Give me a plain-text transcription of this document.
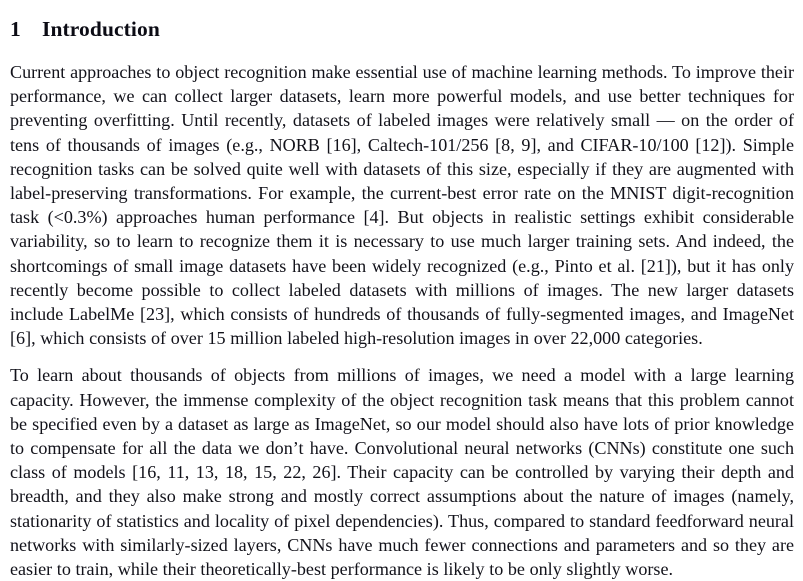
1 Introduction

Current approaches to object recognition make essential use of machine learning methods. To improve their performance, we can collect larger datasets, learn more powerful models, and use better techniques for preventing overfitting. Until recently, datasets of labeled images were relatively small — on the order of tens of thousands of images (e.g., NORB [16], Caltech-101/256 [8, 9], and CIFAR-10/100 [12]). Simple recognition tasks can be solved quite well with datasets of this size, especially if they are augmented with label-preserving transformations. For example, the current-best error rate on the MNIST digit-recognition task (<0.3%) approaches human performance [4]. But objects in realistic settings exhibit considerable variability, so to learn to recognize them it is necessary to use much larger training sets. And indeed, the shortcomings of small image datasets have been widely recognized (e.g., Pinto et al. [21]), but it has only recently become possible to collect labeled datasets with millions of images. The new larger datasets include LabelMe [23], which consists of hundreds of thousands of fully-segmented images, and ImageNet [6], which consists of over 15 million labeled high-resolution images in over 22,000 categories.

To learn about thousands of objects from millions of images, we need a model with a large learning capacity. However, the immense complexity of the object recognition task means that this problem cannot be specified even by a dataset as large as ImageNet, so our model should also have lots of prior knowledge to compensate for all the data we don’t have. Convolutional neural networks (CNNs) constitute one such class of models [16, 11, 13, 18, 15, 22, 26]. Their capacity can be controlled by varying their depth and breadth, and they also make strong and mostly correct assumptions about the nature of images (namely, stationarity of statistics and locality of pixel dependencies). Thus, compared to standard feedforward neural networks with similarly-sized layers, CNNs have much fewer connections and parameters and so they are easier to train, while their theoretically-best performance is likely to be only slightly worse.
